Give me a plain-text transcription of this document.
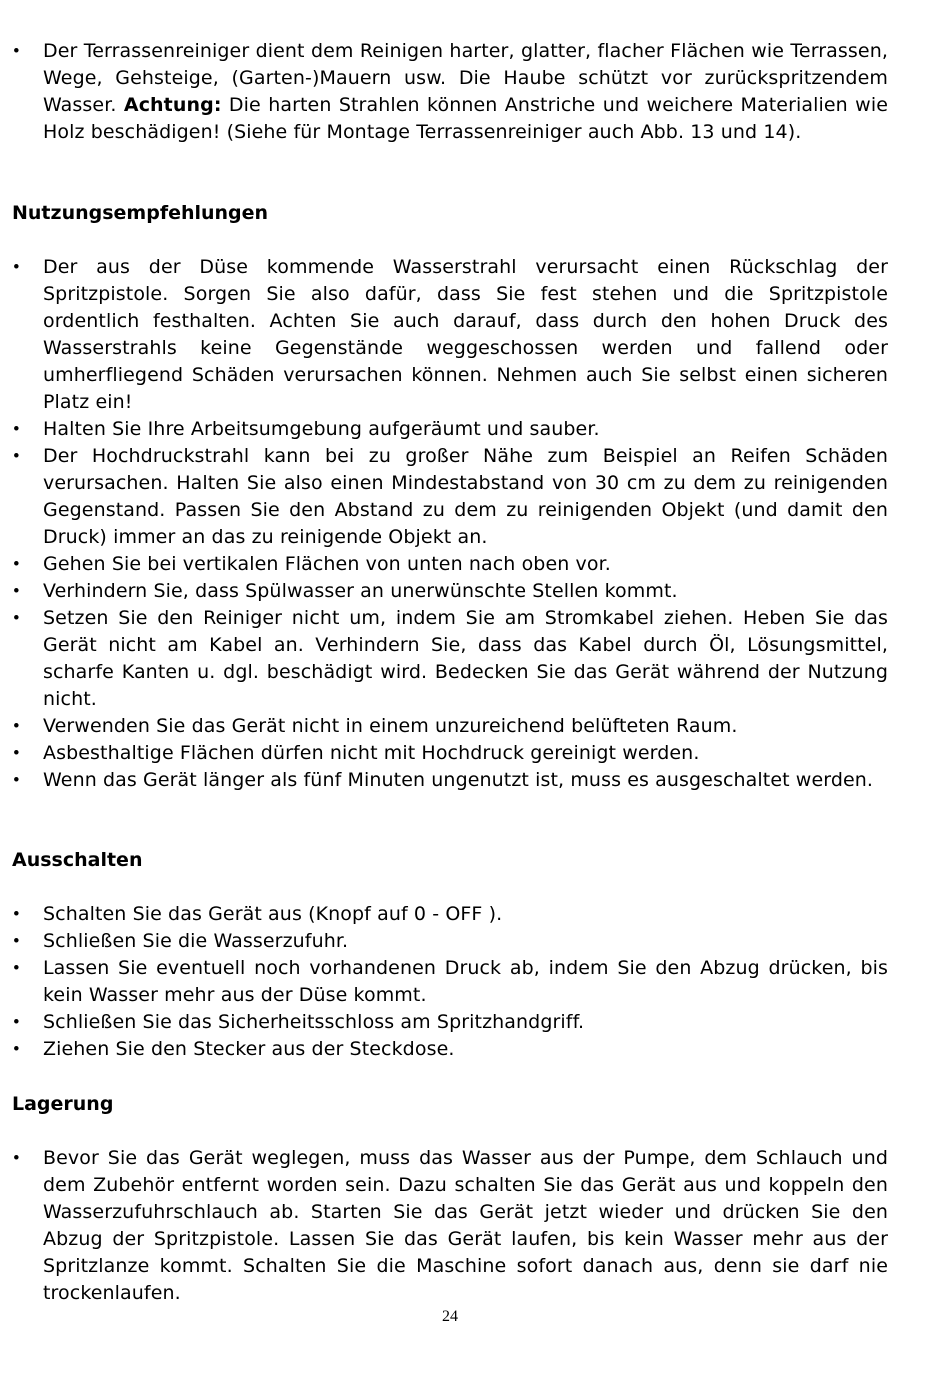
• Der Terrassenreiniger dient dem Reinigen harter, glatter, flacher Flächen wie Terrassen, Wege, Gehsteige, (Garten-)Mauern usw. Die Haube schützt vor zurückspritzendem Wasser. Achtung: Die harten Strahlen können Anstriche und weichere Materialien wie Holz beschädigen! (Siehe für Montage Terrassenreiniger auch Abb. 13 und 14).
Nutzungsempfehlungen
• Der aus der Düse kommende Wasserstrahl verursacht einen Rückschlag der Spritzpistole. Sorgen Sie also dafür, dass Sie fest stehen und die Spritzpistole ordentlich festhalten. Achten Sie auch darauf, dass durch den hohen Druck des Wasserstrahls keine Gegenstände weggeschossen werden und fallend oder umherfliegend Schäden verursachen können. Nehmen auch Sie selbst einen sicheren Platz ein!
• Halten Sie Ihre Arbeitsumgebung aufgeräumt und sauber.
• Der Hochdruckstrahl kann bei zu großer Nähe zum Beispiel an Reifen Schäden verursachen. Halten Sie also einen Mindestabstand von 30 cm zu dem zu reinigenden Gegenstand. Passen Sie den Abstand zu dem zu reinigenden Objekt (und damit den Druck) immer an das zu reinigende Objekt an.
• Gehen Sie bei vertikalen Flächen von unten nach oben vor.
• Verhindern Sie, dass Spülwasser an unerwünschte Stellen kommt.
• Setzen Sie den Reiniger nicht um, indem Sie am Stromkabel ziehen. Heben Sie das Gerät nicht am Kabel an. Verhindern Sie, dass das Kabel durch Öl, Lösungsmittel, scharfe Kanten u. dgl. beschädigt wird. Bedecken Sie das Gerät während der Nutzung nicht.
• Verwenden Sie das Gerät nicht in einem unzureichend belüfteten Raum.
• Asbesthaltige Flächen dürfen nicht mit Hochdruck gereinigt werden.
• Wenn das Gerät länger als fünf Minuten ungenutzt ist, muss es ausgeschaltet werden.
Ausschalten
• Schalten Sie das Gerät aus (Knopf auf 0 - OFF ).
• Schließen Sie die Wasserzufuhr.
• Lassen Sie eventuell noch vorhandenen Druck ab, indem Sie den Abzug drücken, bis kein Wasser mehr aus der Düse kommt.
• Schließen Sie das Sicherheitsschloss am Spritzhandgriff.
• Ziehen Sie den Stecker aus der Steckdose.
Lagerung
• Bevor Sie das Gerät weglegen, muss das Wasser aus der Pumpe, dem Schlauch und dem Zubehör entfernt worden sein. Dazu schalten Sie das Gerät aus und koppeln den Wasserzufuhrschlauch ab. Starten Sie das Gerät jetzt wieder und drücken Sie den Abzug der Spritzpistole. Lassen Sie das Gerät laufen, bis kein Wasser mehr aus der Spritzlanze kommt. Schalten Sie die Maschine sofort danach aus, denn sie darf nie trockenlaufen.
24
